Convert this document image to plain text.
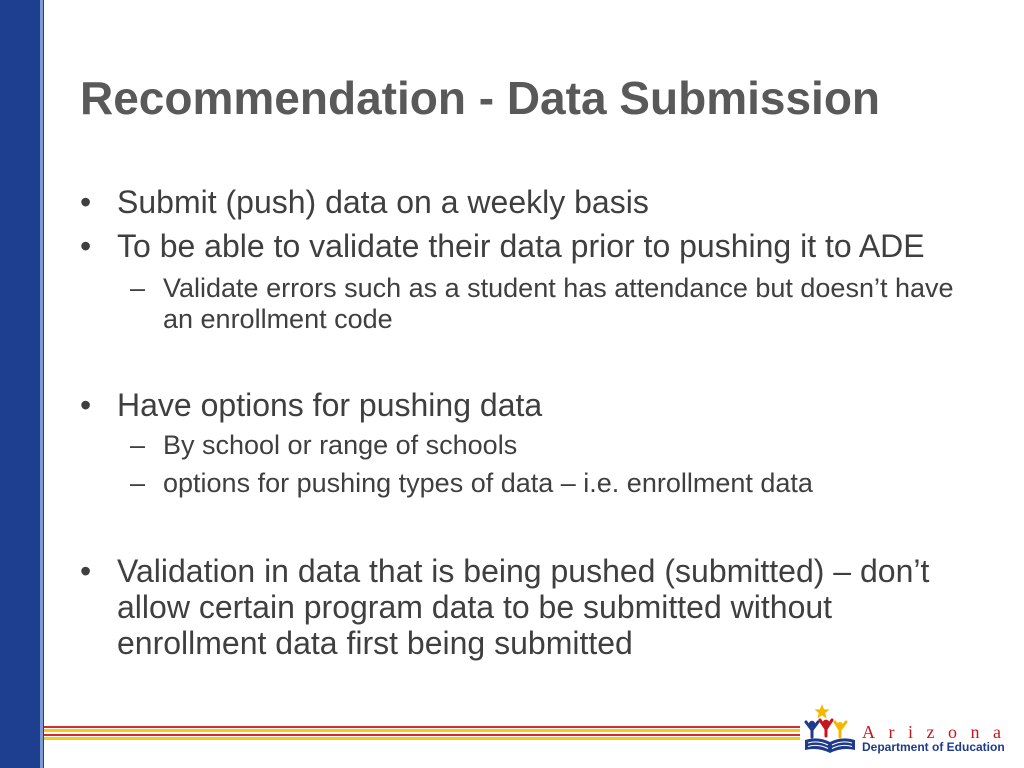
Recommendation - Data Submission
• Submit (push) data on a weekly basis
• To be able to validate their data prior to pushing it to ADE
– Validate errors such as a student has attendance but doesn’t have an enrollment code
• Have options for pushing data
– By school or range of schools
– options for pushing types of data – i.e. enrollment data
• Validation in data that is being pushed (submitted) – don’t allow certain program data to be submitted without enrollment data first being submitted
Arizona
Department of Education
